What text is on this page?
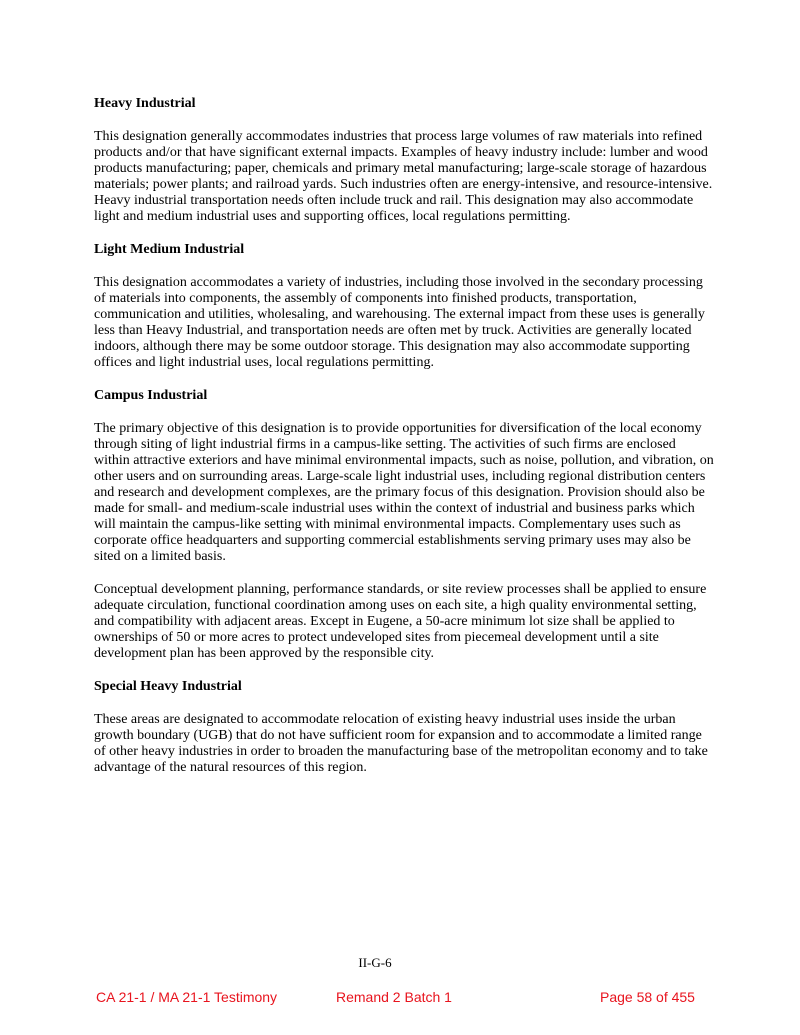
Heavy Industrial

This designation generally accommodates industries that process large volumes of raw materials into refined products and/or that have significant external impacts. Examples of heavy industry include: lumber and wood products manufacturing; paper, chemicals and primary metal manufacturing; large-scale storage of hazardous materials; power plants; and railroad yards. Such industries often are energy-intensive, and resource-intensive. Heavy industrial transportation needs often include truck and rail. This designation may also accommodate light and medium industrial uses and supporting offices, local regulations permitting.

Light Medium Industrial

This designation accommodates a variety of industries, including those involved in the secondary processing of materials into components, the assembly of components into finished products, transportation, communication and utilities, wholesaling, and warehousing. The external impact from these uses is generally less than Heavy Industrial, and transportation needs are often met by truck. Activities are generally located indoors, although there may be some outdoor storage. This designation may also accommodate supporting offices and light industrial uses, local regulations permitting.

Campus Industrial

The primary objective of this designation is to provide opportunities for diversification of the local economy through siting of light industrial firms in a campus-like setting. The activities of such firms are enclosed within attractive exteriors and have minimal environmental impacts, such as noise, pollution, and vibration, on other users and on surrounding areas. Large-scale light industrial uses, including regional distribution centers and research and development complexes, are the primary focus of this designation. Provision should also be made for small- and medium-scale industrial uses within the context of industrial and business parks which will maintain the campus-like setting with minimal environmental impacts. Complementary uses such as corporate office headquarters and supporting commercial establishments serving primary uses may also be sited on a limited basis.

Conceptual development planning, performance standards, or site review processes shall be applied to ensure adequate circulation, functional coordination among uses on each site, a high quality environmental setting, and compatibility with adjacent areas. Except in Eugene, a 50-acre minimum lot size shall be applied to ownerships of 50 or more acres to protect undeveloped sites from piecemeal development until a site development plan has been approved by the responsible city.

Special Heavy Industrial

These areas are designated to accommodate relocation of existing heavy industrial uses inside the urban growth boundary (UGB) that do not have sufficient room for expansion and to accommodate a limited range of other heavy industries in order to broaden the manufacturing base of the metropolitan economy and to take advantage of the natural resources of this region.

II-G-6
CA 21-1 / MA 21-1 Testimony	Remand 2 Batch 1	Page 58 of 455
